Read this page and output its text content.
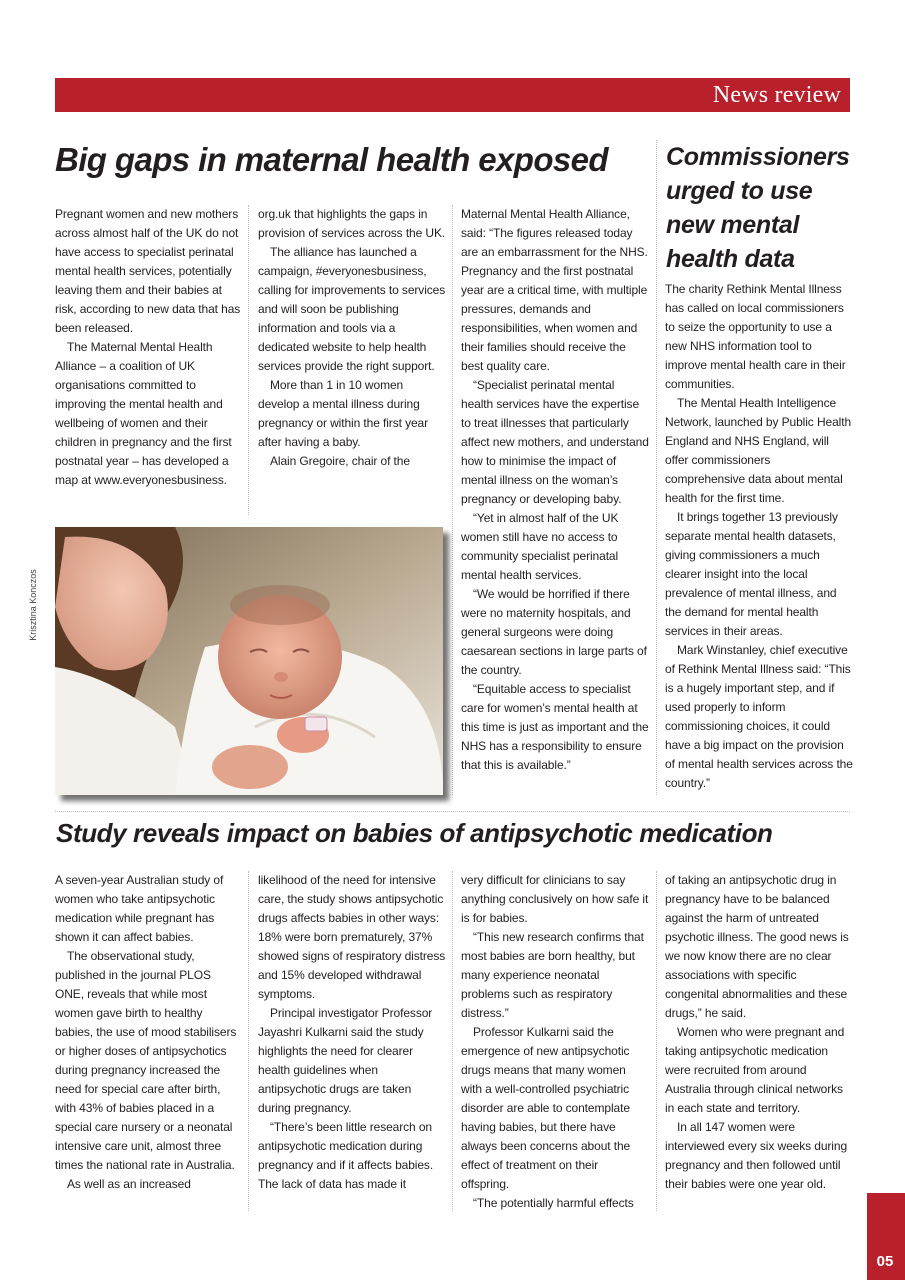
News review
Big gaps in maternal health exposed

Pregnant women and new mothers across almost half of the UK do not have access to specialist perinatal mental health services, potentially leaving them and their babies at risk, according to new data that has been released.

The Maternal Mental Health Alliance – a coalition of UK organisations committed to improving the mental health and wellbeing of women and their children in pregnancy and the first postnatal year – has developed a map at www.everyonesbusiness.

org.uk that highlights the gaps in provision of services across the UK.

The alliance has launched a campaign, #everyonesbusiness, calling for improvements to services and will soon be publishing information and tools via a dedicated website to help health services provide the right support.

More than 1 in 10 women develop a mental illness during pregnancy or within the first year after having a baby.

Alain Gregoire, chair of the

Maternal Mental Health Alliance, said: “The figures released today are an embarrassment for the NHS. Pregnancy and the first postnatal year are a critical time, with multiple pressures, demands and responsibilities, when women and their families should receive the best quality care.

“Specialist perinatal mental health services have the expertise to treat illnesses that particularly affect new mothers, and understand how to minimise the impact of mental illness on the woman’s pregnancy or developing baby.

“Yet in almost half of the UK women still have no access to community specialist perinatal mental health services.

“We would be horrified if there were no maternity hospitals, and general surgeons were doing caesarean sections in large parts of the country.

“Equitable access to specialist care for women’s mental health at this time is just as important and the NHS has a responsibility to ensure that this is available.”

Krisztina Konczos
Commissioners urged to use new mental health data

The charity Rethink Mental Illness has called on local commissioners to seize the opportunity to use a new NHS information tool to improve mental health care in their communities.

The Mental Health Intelligence Network, launched by Public Health England and NHS England, will offer commissioners comprehensive data about mental health for the first time.

It brings together 13 previously separate mental health datasets, giving commissioners a much clearer insight into the local prevalence of mental illness, and the demand for mental health services in their areas.

Mark Winstanley, chief executive of Rethink Mental Illness said: “This is a hugely important step, and if used properly to inform commissioning choices, it could have a big impact on the provision of mental health services across the country.”

Study reveals impact on babies of antipsychotic medication

A seven-year Australian study of women who take antipsychotic medication while pregnant has shown it can affect babies.

The observational study, published in the journal PLOS ONE, reveals that while most women gave birth to healthy babies, the use of mood stabilisers or higher doses of antipsychotics during pregnancy increased the need for special care after birth, with 43% of babies placed in a special care nursery or a neonatal intensive care unit, almost three times the national rate in Australia.

As well as an increased

likelihood of the need for intensive care, the study shows antipsychotic drugs affects babies in other ways: 18% were born prematurely, 37% showed signs of respiratory distress and 15% developed withdrawal symptoms.

Principal investigator Professor Jayashri Kulkarni said the study highlights the need for clearer health guidelines when antipsychotic drugs are taken during pregnancy.

“There’s been little research on antipsychotic medication during pregnancy and if it affects babies. The lack of data has made it

very difficult for clinicians to say anything conclusively on how safe it is for babies.

“This new research confirms that most babies are born healthy, but many experience neonatal problems such as respiratory distress.”

Professor Kulkarni said the emergence of new antipsychotic drugs means that many women with a well-controlled psychiatric disorder are able to contemplate having babies, but there have always been concerns about the effect of treatment on their offspring.

“The potentially harmful effects

of taking an antipsychotic drug in pregnancy have to be balanced against the harm of untreated psychotic illness. The good news is we now know there are no clear associations with specific congenital abnormalities and these drugs,” he said.

Women who were pregnant and taking antipsychotic medication were recruited from around Australia through clinical networks in each state and territory.

In all 147 women were interviewed every six weeks during pregnancy and then followed until their babies were one year old.

05
